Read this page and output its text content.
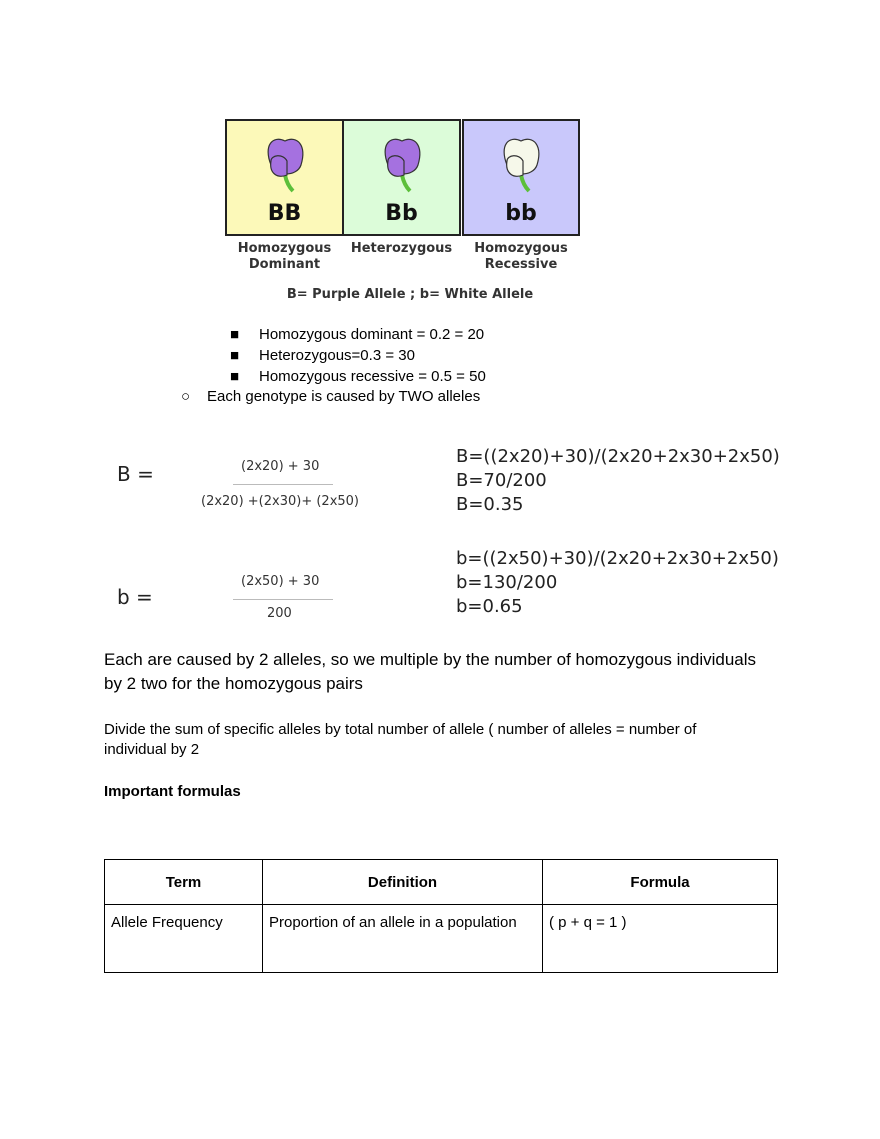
BB	Bb	bb
Homozygous
Dominant
Heterozygous	Homozygous
Recessive
B= Purple Allele ; b= White Allele
■ Homozygous dominant = 0.2 = 20
■ Heterozygous=0.3 = 30
■ Homozygous recessive = 0.5 = 50
○ Each genotype is caused by TWO alleles
B =	(2x20) + 30
(2x20) +(2x30)+ (2x50)
B=((2x20)+30)/(2x20+2x30+2x50)
B=70/200
B=0.35
b =
(2x50) + 30
200
b=((2x50)+30)/(2x20+2x30+2x50)
b=130/200
b=0.65
Each are caused by 2 alleles, so we multiple by the number of homozygous individuals
by 2 two for the homozygous pairs
Divide the sum of specific alleles by total number of allele ( number of alleles = number of
individual by 2
Important formulas
Term	Definition	Formula
Allele Frequency	Proportion of an allele in a population	( p + q = 1 )
